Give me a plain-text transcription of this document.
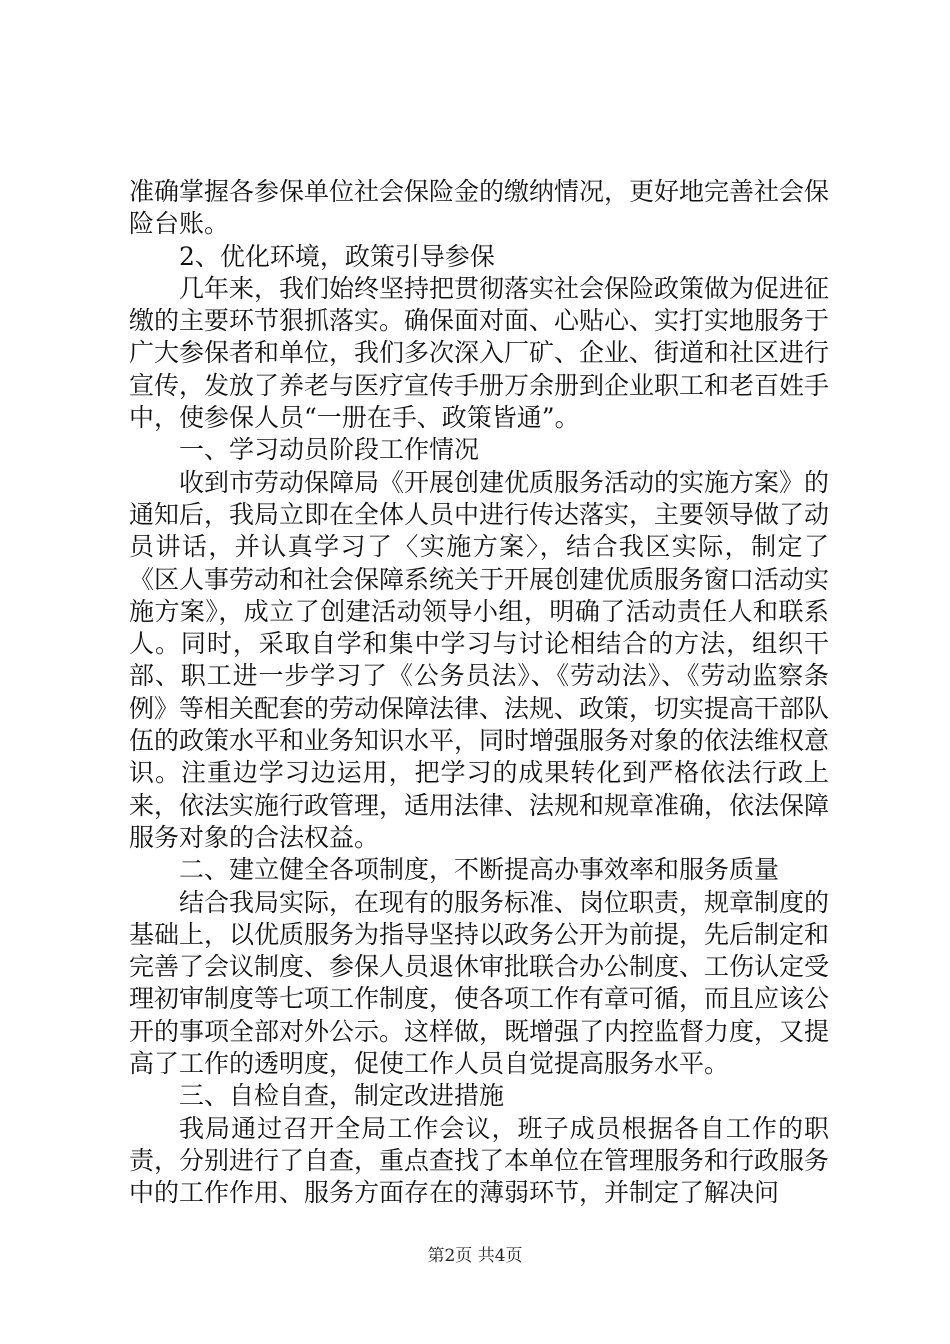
准确掌握各参保单位社会保险金的缴纳情况，更好地完善社会保险台账。

2、优化环境，政策引导参保

几年来，我们始终坚持把贯彻落实社会保险政策做为促进征缴的主要环节狠抓落实。确保面对面、心贴心、实打实地服务于广大参保者和单位，我们多次深入厂矿、企业、街道和社区进行宣传，发放了养老与医疗宣传手册万余册到企业职工和老百姓手中，使参保人员“一册在手、政策皆通”。

一、学习动员阶段工作情况

收到市劳动保障局《开展创建优质服务活动的实施方案》的通知后，我局立即在全体人员中进行传达落实，主要领导做了动员讲话，并认真学习了〈实施方案〉，结合我区实际，制定了《区人事劳动和社会保障系统关于开展创建优质服务窗口活动实施方案》，成立了创建活动领导小组，明确了活动责任人和联系人。同时，采取自学和集中学习与讨论相结合的方法，组织干部、职工进一步学习了《公务员法》、《劳动法》、《劳动监察条例》等相关配套的劳动保障法律、法规、政策，切实提高干部队伍的政策水平和业务知识水平，同时增强服务对象的依法维权意识。注重边学习边运用，把学习的成果转化到严格依法行政上来，依法实施行政管理，适用法律、法规和规章准确，依法保障服务对象的合法权益。

二、建立健全各项制度，不断提高办事效率和服务质量

结合我局实际，在现有的服务标准、岗位职责，规章制度的基础上，以优质服务为指导坚持以政务公开为前提，先后制定和完善了会议制度、参保人员退休审批联合办公制度、工伤认定受理初审制度等七项工作制度，使各项工作有章可循，而且应该公开的事项全部对外公示。这样做，既增强了内控监督力度，又提高了工作的透明度，促使工作人员自觉提高服务水平。

三、自检自查，制定改进措施

我局通过召开全局工作会议，班子成员根据各自工作的职责，分别进行了自查，重点查找了本单位在管理服务和行政服务中的工作作用、服务方面存在的薄弱环节，并制定了解决问

第2页 共4页
